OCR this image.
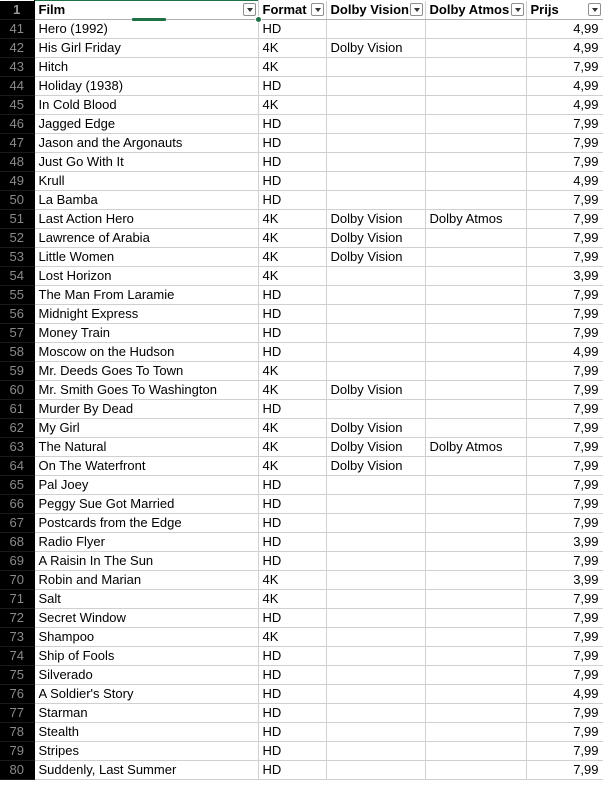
1	Film	Format	Dolby Vision	Dolby Atmos	Prijs

41	Hero (1992)	HD			4,99
42	His Girl Friday	4K	Dolby Vision		4,99
43	Hitch	4K			7,99
44	Holiday (1938)	HD			4,99
45	In Cold Blood	4K			4,99
46	Jagged Edge	HD			7,99
47	Jason and the Argonauts	HD			7,99
48	Just Go With It	HD			7,99
49	Krull	HD			4,99
50	La Bamba	HD			7,99
51	Last Action Hero	4K	Dolby Vision	Dolby Atmos	7,99
52	Lawrence of Arabia	4K	Dolby Vision		7,99
53	Little Women	4K	Dolby Vision		7,99
54	Lost Horizon	4K			3,99
55	The Man From Laramie	HD			7,99
56	Midnight Express	HD			7,99
57	Money Train	HD			7,99
58	Moscow on the Hudson	HD			4,99
59	Mr. Deeds Goes To Town	4K			7,99
60	Mr. Smith Goes To Washington	4K	Dolby Vision		7,99
61	Murder By Dead	HD			7,99
62	My Girl	4K	Dolby Vision		7,99
63	The Natural	4K	Dolby Vision	Dolby Atmos	7,99
64	On The Waterfront	4K	Dolby Vision		7,99
65	Pal Joey	HD			7,99
66	Peggy Sue Got Married	HD			7,99
67	Postcards from the Edge	HD			7,99
68	Radio Flyer	HD			3,99
69	A Raisin In The Sun	HD			7,99
70	Robin and Marian	4K			3,99
71	Salt	4K			7,99
72	Secret Window	HD			7,99
73	Shampoo	4K			7,99
74	Ship of Fools	HD			7,99
75	Silverado	HD			7,99
76	A Soldier's Story	HD			4,99
77	Starman	HD			7,99
78	Stealth	HD			7,99
79	Stripes	HD			7,99
80	Suddenly, Last Summer	HD			7,99
